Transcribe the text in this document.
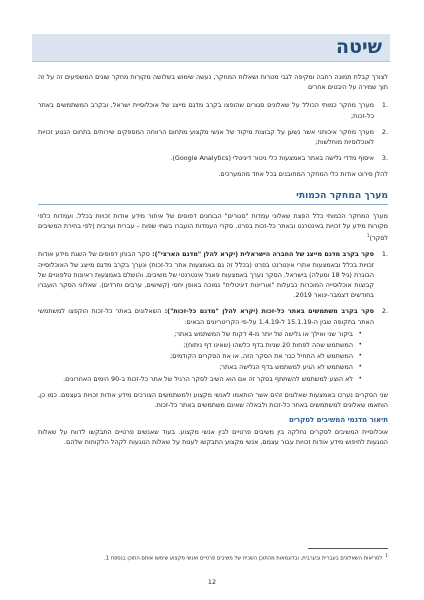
שיטה

לצורך קבלת תמונה רחבה ומקיפה לגבי מטרות ושאלות המחקר, נעשה שימוש בשלושה מקורות מחקר שונים המשפיעים זה על זה תוך שמירה על היבטים אחרים

.1
מערך מחקר כמותי הכולל על שאלונים סגורים שהופצו בקרב מדגם מייצג של אוכלוסיית ישראל, ובקרב המשתמשים באתר כל-זכות;
.2
מערך מחקר איכותני אשר נשען על קבוצות מיקוד של אנשי מקצוע מתחום הרווחה המספקים שירותים בתחום הגנוע זכויות לאוכלוסיות מוחלשות;
.3
איסוף מדדי גלישה באתר באמצעות כלי ניטור דיגיטלי (Google Analytics).

להלן פירוט אודות כלי המחקר המחובנים בכל אחד מהמערכים.

מערך המחקר הכמותי

מערך המחקר הכמותי כלל הפצת שאלוני עמדות "סגורים" הבוחנים דפוסים של איתור מידע אודות זכויות בכלל, ועמדות כלפי מקורות מידע על זכויות באינטרנט ובאתר כל-זכות בפרט. סקרי העמדות הועברו בשתי שפות – עברית וערבית (לפי בחירת המשיבים לסקר)$^1$

.1
סקר בקרב מדגם מייצג של החברה הישראלית (יקרא להלן "מדגם הארצי"): סקר הבוחן דפוסים של השגת מידע אודות זכויות בכלל ובאמצעות אתרי אינטרנט בפרט (בכלל זה גם באמצעות אתר כל-זכות) ונערך בקרב מדגם מייצג של האוכלוסייה הבוגרת (גיל 18 ומעלה) בישראל. הסקר נערך באמצעות פאנל אינטרנטי של משיבים, והושלם באמצעות ראיונות טלפוניים של קבוצות אוכלוסייה המוכרות כבעלות "אוריינות דיגיטלית" נמוכה באופן יחסי (קשישים, ערבים וחרדים). שאלוני הסקר הועברו בחודשים דצמבר-ינואר 2019.
.2
סקר בקרב משתמשים באתר כל-זכות (יקרא להלן "מדגם כל-זכות"): השאלונים באתר כל-זכות הוקפצו למשתמשי האתר בתקופה שבין ה-15.1.19 ל-1.4.19 על-פי הקריטריונים הבאים:
•
ביקור שני ואילך או גלישה של יותר מ-4 דקות של המשתמש באתר;
•
המשתמש שהה לפחות 20 שניות בדף כלשהו (שאינו דף ניתוח);
•
המשתמש לא התחיל כבר את הסקר הזה, או את הסקרים הקודמים;
•
המשתמש לא הגיע למשתמש בדף הגלישה באתר;
•
לא הוצע למשתמש להשתתף בסקר זה אם הוא השיב לסקר הרגיל של אתר כל-זכות ב-90 הימים האחרונים.

שני הסקרים נערכו באמצעות שאלונים זהים אשר הותאמו לאנשי מקצוע ולמשתמשים הצורכים מידע אודות זכויות בעצמם. כמו כן, הותאמו שאלונים למשתמשים באתר כל-זכות ולבאלה שאינם משתמשים באתר כל-זכות.

תיאור מדגמי המשיבים לסקרים

אוכלוסיית המשיבים לסקרים נחלקה בין משיבים פרטיים לבין אנשי מקצוע. בעוד שאנשים פרטיים התבקשו לדווח על שאלות הנוגעות לחיפוש מידע אודות זכויות עבור עצמם, אנשי מקצוע התבקשו לענות על שאלות הנוגעות לקהל הלקוחות שלהם.

$^1$לסריאות השאלונים בעברית ובערבית, ובדוגמאות מהתוכן השכיח של משיבים פרטיים ואנשי מקצוע שימשו אותם התוכן בנספח 1.

12
